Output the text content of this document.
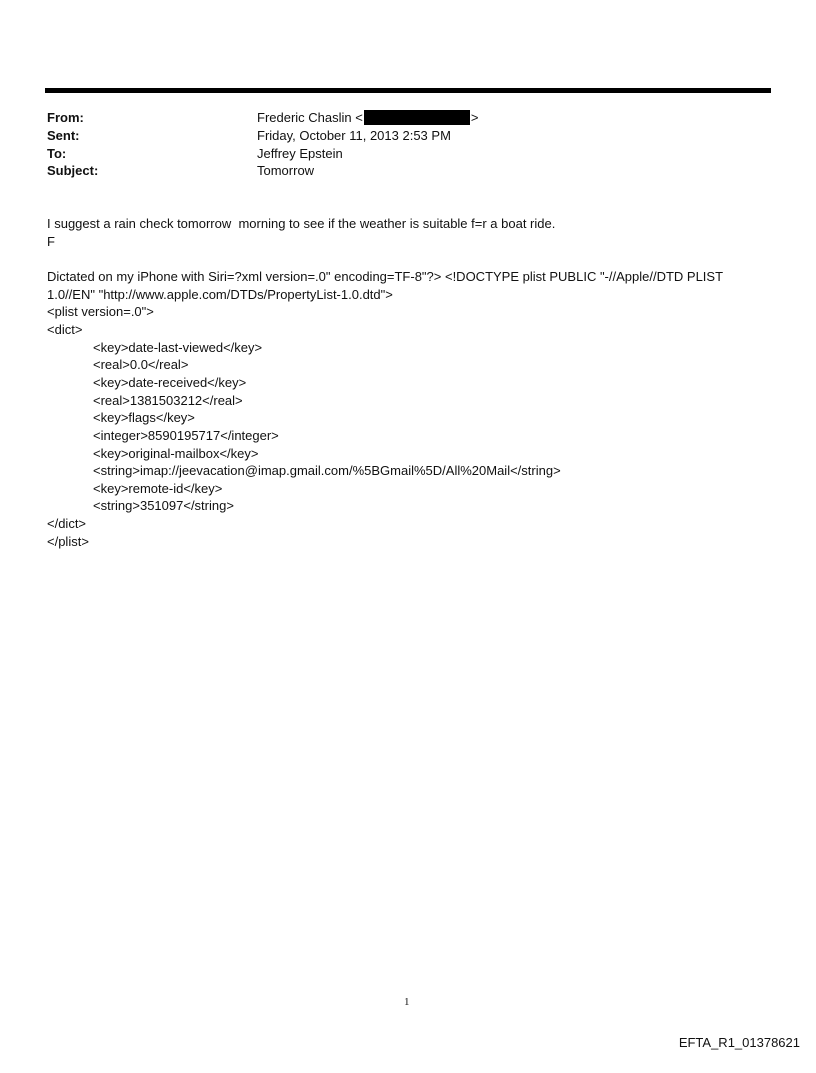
From:	Frederic Chaslin <	>
Sent:	Friday, October 11, 2013 2:53 PM
To:	Jeffrey Epstein
Subject:	Tomorrow
I suggest a rain check tomorrow  morning to see if the weather is suitable f=r a boat ride.
F
Dictated on my iPhone with Siri=?xml version=.0" encoding=TF-8"?> <!DOCTYPE plist PUBLIC "-//Apple//DTD PLIST
1.0//EN" "http://www.apple.com/DTDs/PropertyList-1.0.dtd">
<plist version=.0">
<dict>
<key>date-last-viewed</key>
<real>0.0</real>
<key>date-received</key>
<real>1381503212</real>
<key>flags</key>
<integer>8590195717</integer>
<key>original-mailbox</key>
<string>imap://jeevacation@imap.gmail.com/%5BGmail%5D/All%20Mail</string>
<key>remote-id</key>
<string>351097</string>
</dict>
</plist>
1
EFTA_R1_01378621
